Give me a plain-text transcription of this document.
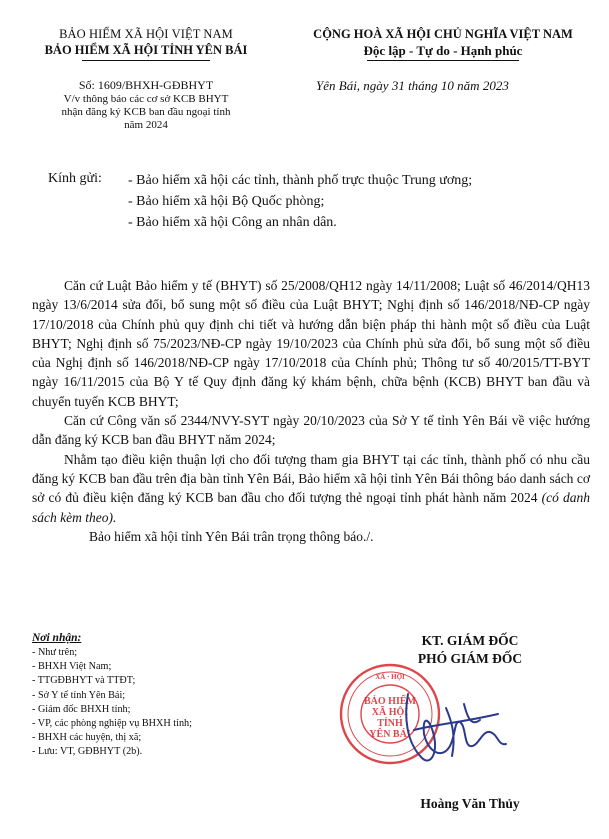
BẢO HIỂM XÃ HỘI VIỆT NAM
BẢO HIỂM XÃ HỘI TỈNH YÊN BÁI
CỘNG HOÀ XÃ HỘI CHỦ NGHĨA VIỆT NAM
Độc lập - Tự do - Hạnh phúc
Số: 1609/BHXH-GĐBHYT
V/v thông báo các cơ sở KCB BHYT
nhận đăng ký KCB ban đầu ngoại tỉnh
năm 2024
Yên Bái, ngày 31 tháng 10 năm 2023
Kính gửi: - Bảo hiểm xã hội các tỉnh, thành phố trực thuộc Trung ương;
- Bảo hiểm xã hội Bộ Quốc phòng;
- Bảo hiểm xã hội Công an nhân dân.

Căn cứ Luật Bảo hiểm y tế (BHYT) số 25/2008/QH12 ngày 14/11/2008; Luật số 46/2014/QH13 ngày 13/6/2014 sửa đổi, bổ sung một số điều của Luật BHYT; Nghị định số 146/2018/NĐ-CP ngày 17/10/2018 của Chính phủ quy định chi tiết và hướng dẫn biện pháp thi hành một số điều của Luật BHYT; Nghị định số 75/2023/NĐ-CP ngày 19/10/2023 của Chính phủ sửa đổi, bổ sung một số điều của Nghị định số 146/2018/NĐ-CP ngày 17/10/2018 của Chính phủ; Thông tư số 40/2015/TT-BYT ngày 16/11/2015 của Bộ Y tế Quy định đăng ký khám bệnh, chữa bệnh (KCB) BHYT ban đầu và chuyển tuyến KCB BHYT;

Căn cứ Công văn số 2344/NVY-SYT ngày 20/10/2023 của Sở Y tế tỉnh Yên Bái về việc hướng dẫn đăng ký KCB ban đầu BHYT năm 2024;

Nhằm tạo điều kiện thuận lợi cho đối tượng tham gia BHYT tại các tỉnh, thành phố có nhu cầu đăng ký KCB ban đầu trên địa bàn tỉnh Yên Bái, Bảo hiểm xã hội tỉnh Yên Bái thông báo danh sách cơ sở có đủ điều kiện đăng ký KCB ban đầu cho đối tượng thẻ ngoại tỉnh phát hành năm 2024 (có danh sách kèm theo).

Bảo hiểm xã hội tỉnh Yên Bái trân trọng thông báo./.

Nơi nhận:
- Như trên;
- BHXH Việt Nam;
- TTGĐBHYT và TTĐT;
- Sở Y tế tỉnh Yên Bái;
- Giám đốc BHXH tỉnh;
- VP, các phòng nghiệp vụ BHXH tỉnh;
- BHXH các huyện, thị xã;
- Lưu: VT, GĐBHYT (2b).
KT. GIÁM ĐỐC
PHÓ GIÁM ĐỐC
BẢO HIỂM
XÃ HỘI
TỈNH
YÊN BÁI
XÃ · HỘI
Hoàng Văn Thủy
